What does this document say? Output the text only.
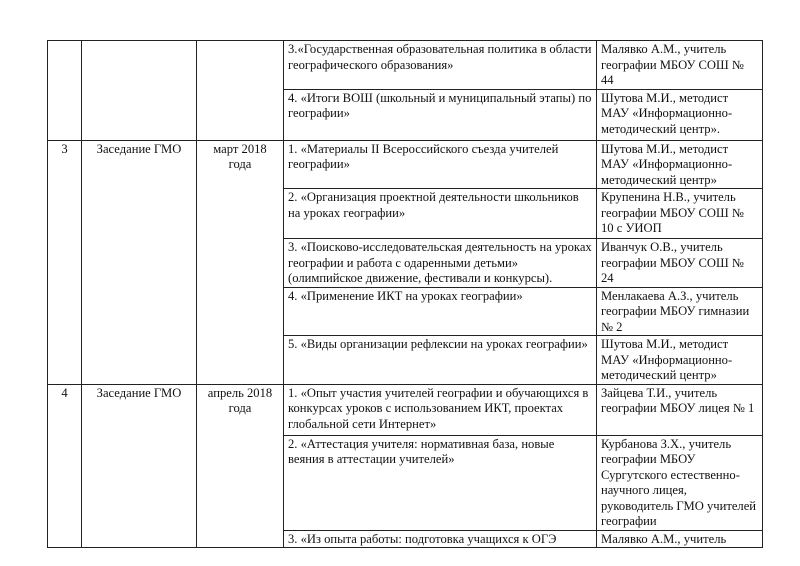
			3.«Государственная образовательная политика в области географического образования»	Малявко А.М., учитель географии МБОУ СОШ № 44
			4. «Итоги ВОШ (школьный и муниципальный этапы) по географии»	Шутова М.И., методист МАУ «Информационно-методический центр».
3	Заседание ГМО	март 2018 года	1. «Материалы II Всероссийского съезда учителей географии»	Шутова М.И., методист МАУ «Информационно-методический центр»
			2. «Организация проектной деятельности школьников на уроках географии»	Крупенина Н.В., учитель географии МБОУ СОШ № 10 с УИОП
			3. «Поисково-исследовательская деятельность на уроках географии и работа с одаренными детьми» (олимпийское движение, фестивали и конкурсы).	Иванчук О.В., учитель географии МБОУ СОШ № 24
			4. «Применение ИКТ на уроках географии»	Менлакаева А.З., учитель географии МБОУ гимназии № 2
			5. «Виды организации рефлексии на уроках географии»	Шутова М.И., методист МАУ «Информационно-методический центр»
4	Заседание ГМО	апрель 2018 года	1. «Опыт участия учителей географии и обучающихся в конкурсах уроков с использованием ИКТ, проектах глобальной сети Интернет»	Зайцева Т.И., учитель географии МБОУ лицея № 1
			2. «Аттестация учителя: нормативная база, новые веяния в аттестации учителей»	Курбанова З.Х., учитель географии МБОУ Сургутского естественно-научного лицея, руководитель ГМО учителей географии
			3. «Из опыта работы: подготовка учащихся к ОГЭ	Малявко А.М., учитель
